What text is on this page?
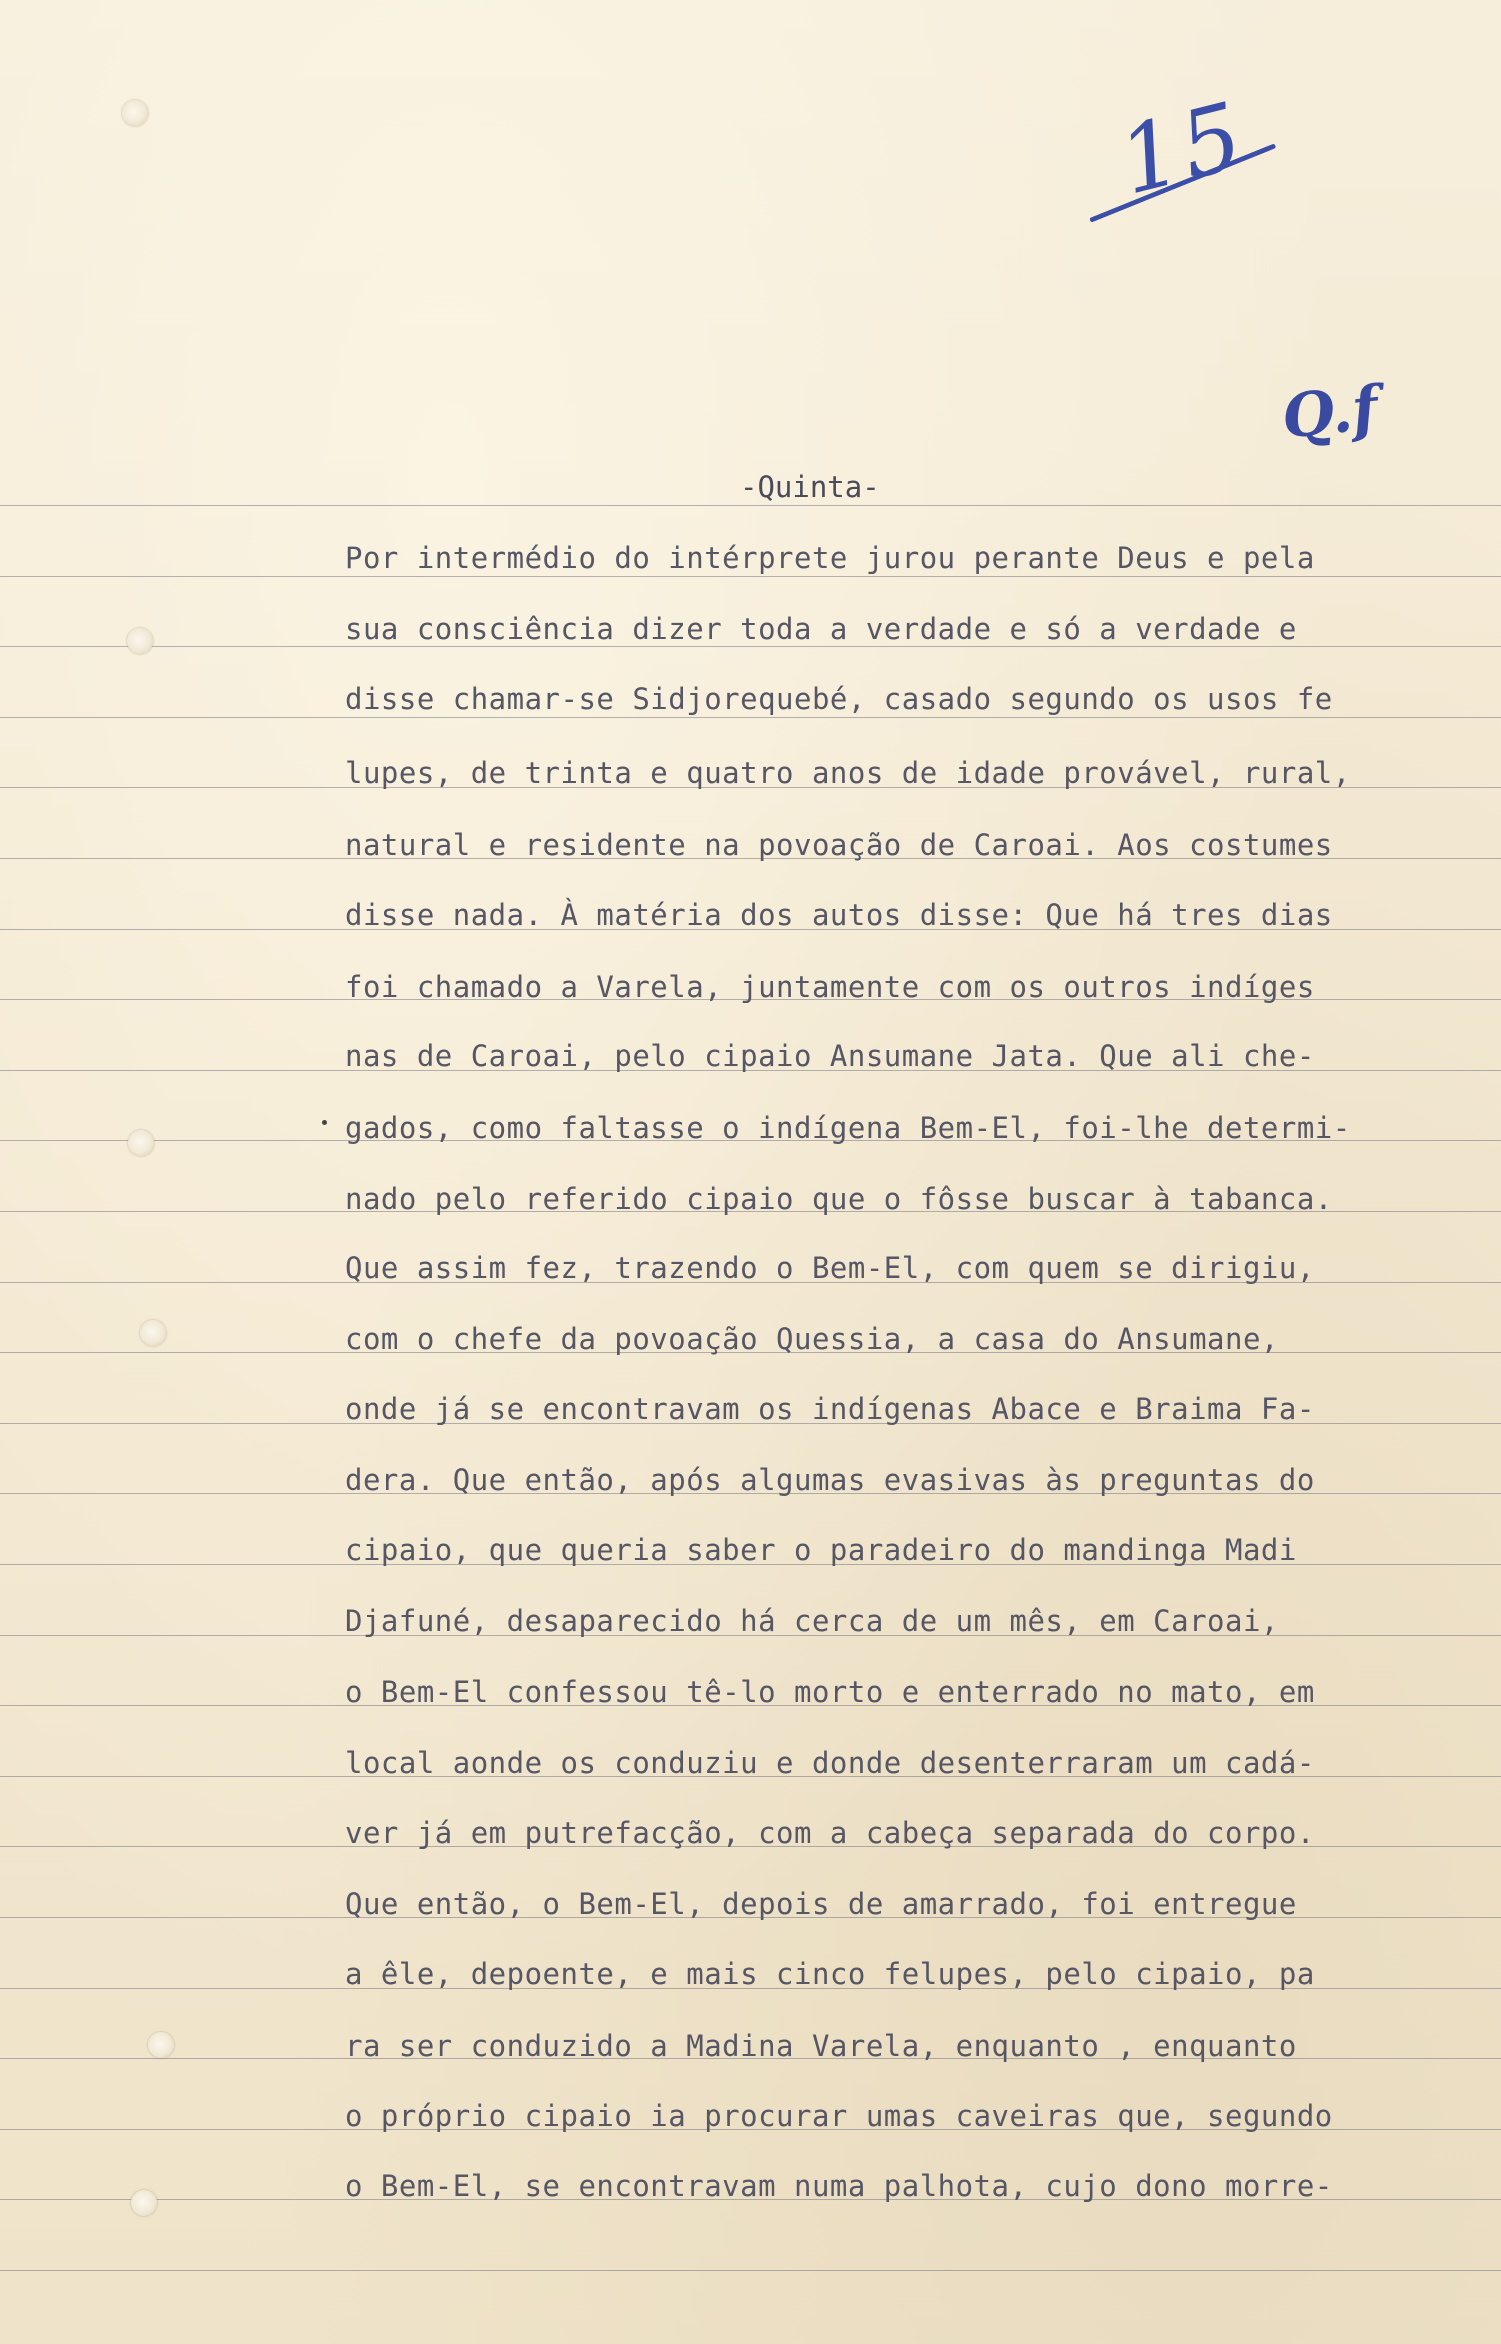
15
Q.f
-Quinta-
Por intermédio do intérprete jurou perante Deus e pela
sua consciência dizer toda a verdade e só a verdade e
disse chamar-se Sidjorequebé, casado segundo os usos fe
lupes, de trinta e quatro anos de idade provável, rural,
natural e residente na povoação de Caroai. Aos costumes
disse nada. À matéria dos autos disse: Que há tres dias
foi chamado a Varela, juntamente com os outros indíges
nas de Caroai, pelo cipaio Ansumane Jata. Que ali che-
gados, como faltasse o indígena Bem-El, foi-lhe determi-
nado pelo referido cipaio que o fôsse buscar à tabanca.
Que assim fez, trazendo o Bem-El, com quem se dirigiu,
com o chefe da povoação Quessia, a casa do Ansumane,
onde já se encontravam os indígenas Abace e Braima Fa-
dera. Que então, após algumas evasivas às preguntas do
cipaio, que queria saber o paradeiro do mandinga Madi
Djafuné, desaparecido há cerca de um mês, em Caroai,
o Bem-El confessou tê-lo morto e enterrado no mato, em
local aonde os conduziu e donde desenterraram um cadá-
ver já em putrefacção, com a cabeça separada do corpo.
Que então, o Bem-El, depois de amarrado, foi entregue
a êle, depoente, e mais cinco felupes, pelo cipaio, pa
ra ser conduzido a Madina Varela, enquanto , enquanto
o próprio cipaio ia procurar umas caveiras que, segundo
o Bem-El, se encontravam numa palhota, cujo dono morre-
